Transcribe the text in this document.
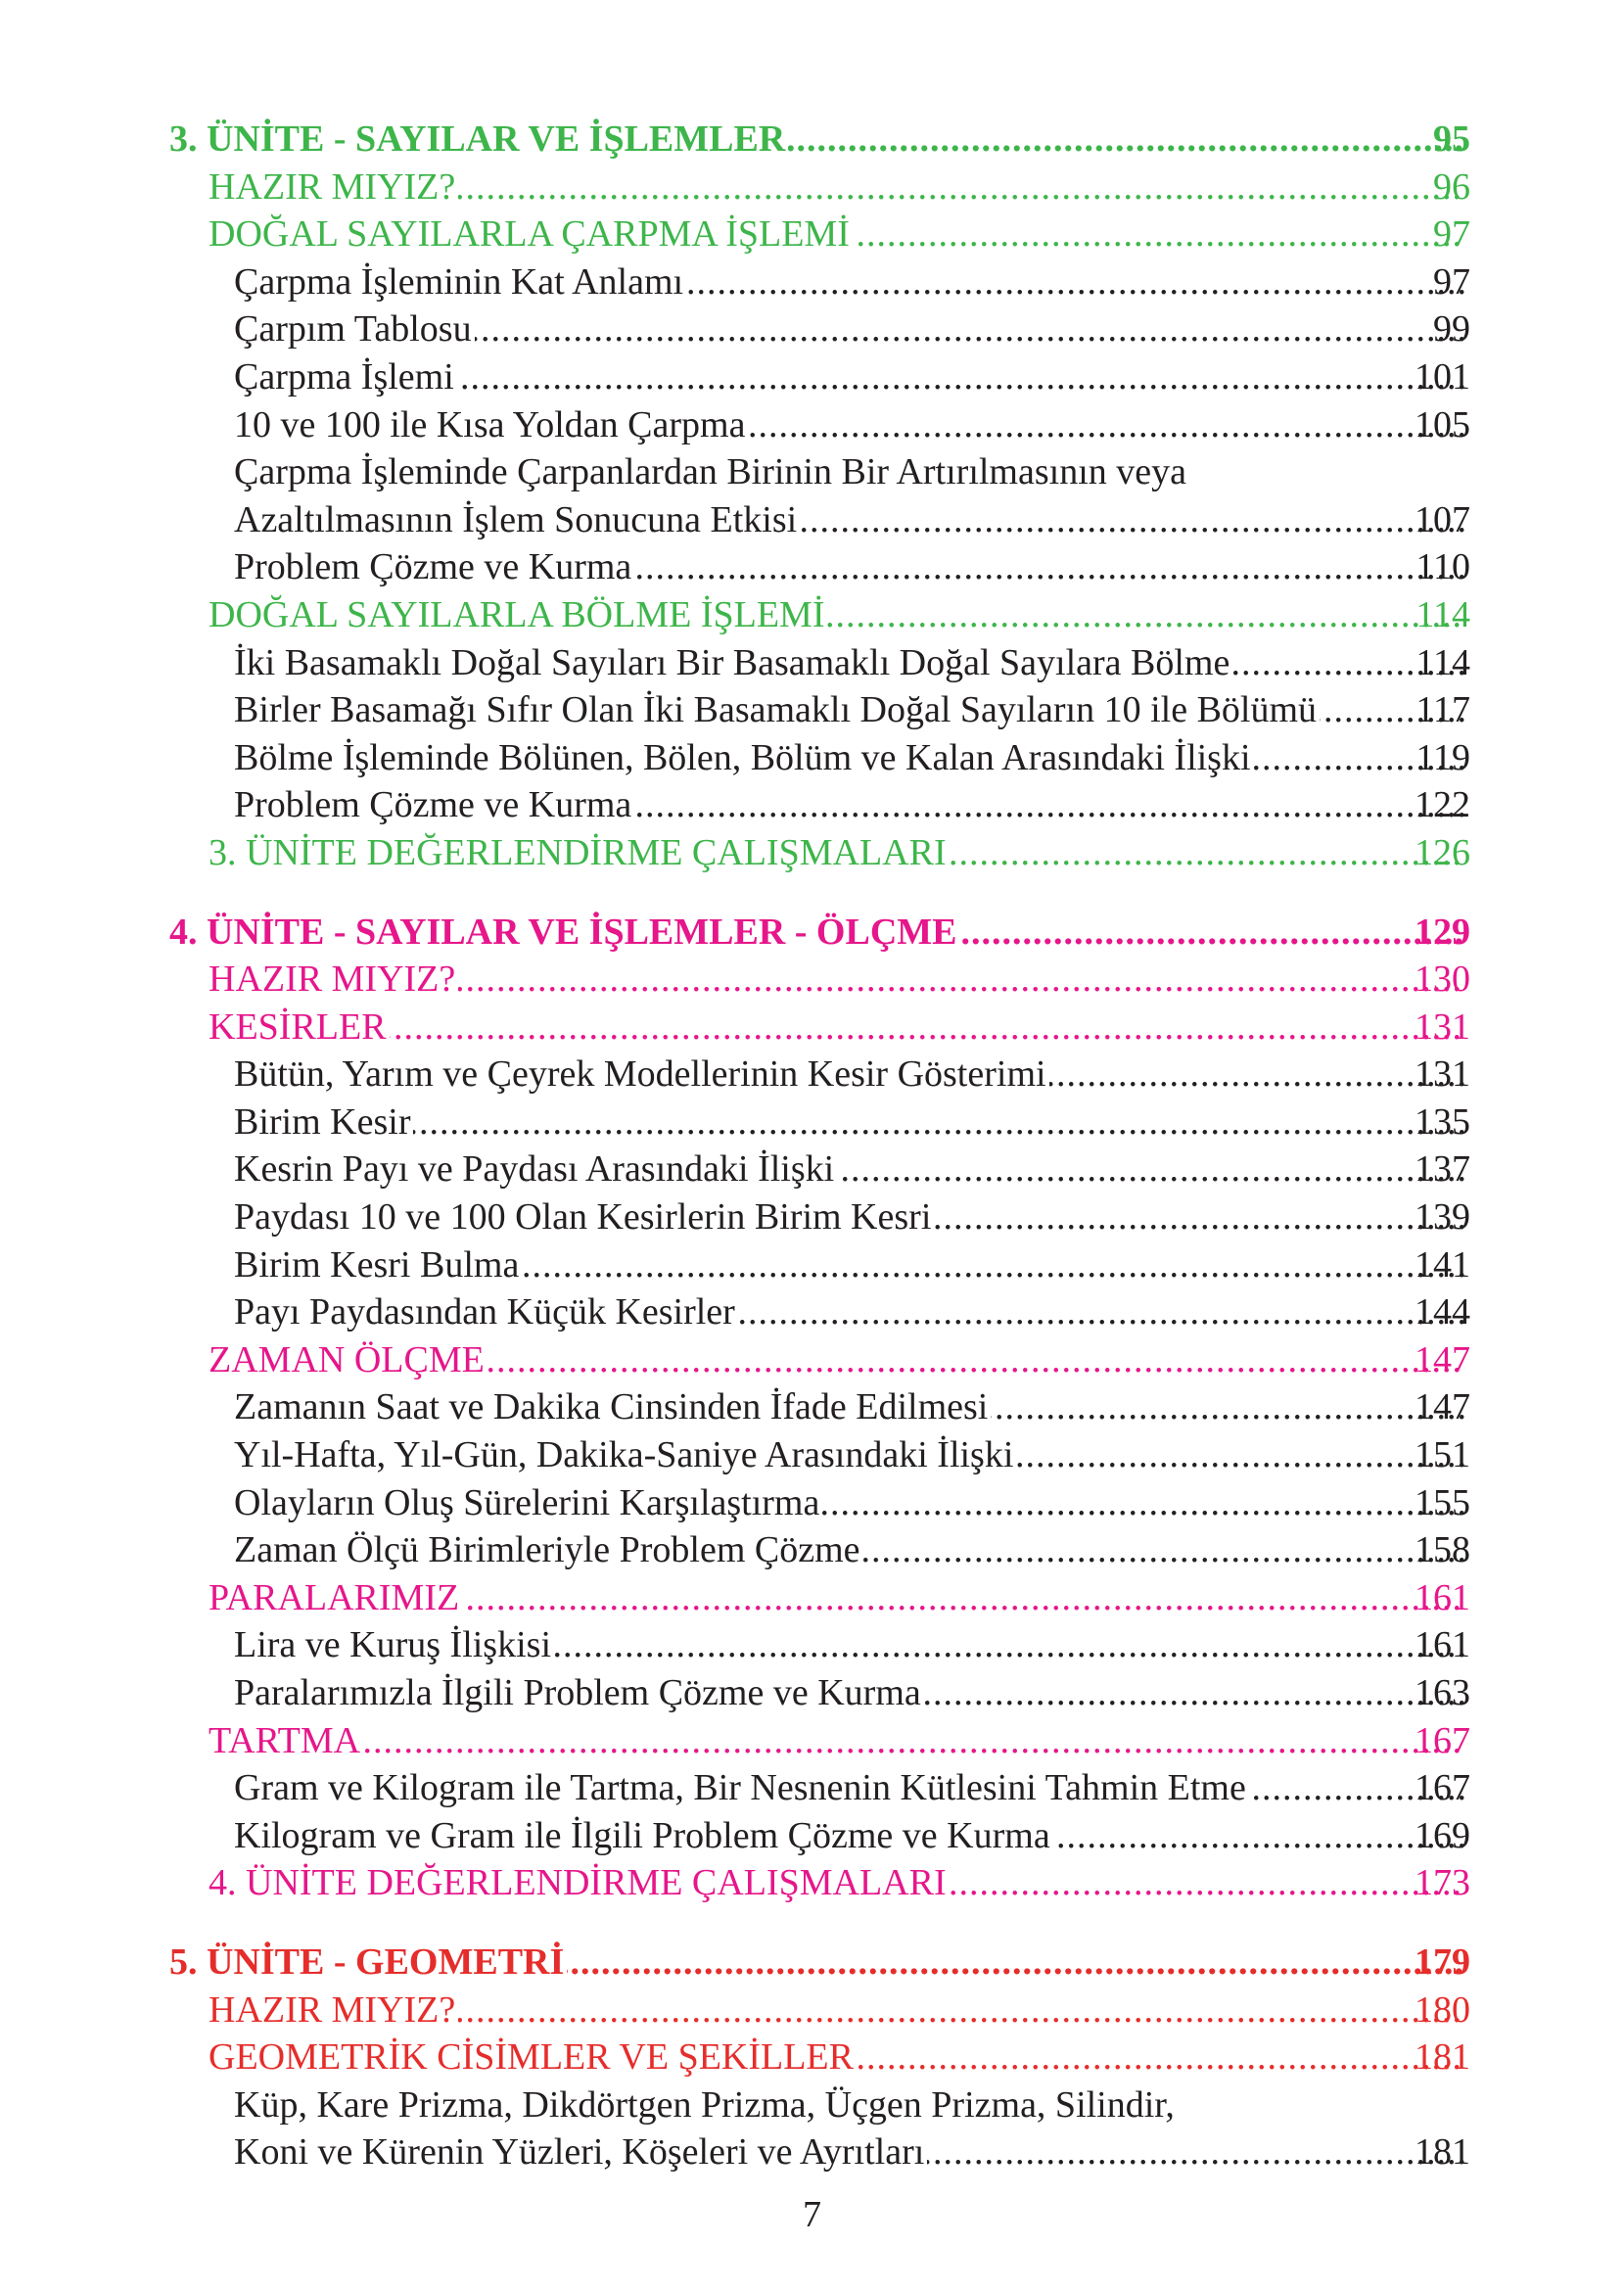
3. ÜNİTE - SAYILAR VE İŞLEMLER .....	95
HAZIR MIYIZ? .....	96
DOĞAL SAYILARLA ÇARPMA İŞLEMİ .....	97
Çarpma İşleminin Kat Anlamı .....	97
Çarpım Tablosu .....	99
Çarpma İşlemi .....	101
10 ve 100 ile Kısa Yoldan Çarpma .....	105
Çarpma İşleminde Çarpanlardan Birinin Bir Artırılmasının veya
Azaltılmasının İşlem Sonucuna Etkisi .....	107
Problem Çözme ve Kurma .....	110
DOĞAL SAYILARLA BÖLME İŞLEMİ .....	114
İki Basamaklı Doğal Sayıları Bir Basamaklı Doğal Sayılara Bölme .....	114
Birler Basamağı Sıfır Olan İki Basamaklı Doğal Sayıların 10 ile Bölümü .....	117
Bölme İşleminde Bölünen, Bölen, Bölüm ve Kalan Arasındaki İlişki .....	119
Problem Çözme ve Kurma .....	122
3. ÜNİTE DEĞERLENDİRME ÇALIŞMALARI .....	126
4. ÜNİTE - SAYILAR VE İŞLEMLER - ÖLÇME .....	129
HAZIR MIYIZ? .....	130
KESİRLER .....	131
Bütün, Yarım ve Çeyrek Modellerinin Kesir Gösterimi .....	131
Birim Kesir .....	135
Kesrin Payı ve Paydası Arasındaki İlişki .....	137
Paydası 10 ve 100 Olan Kesirlerin Birim Kesri .....	139
Birim Kesri Bulma .....	141
Payı Paydasından Küçük Kesirler .....	144
ZAMAN ÖLÇME .....	147
Zamanın Saat ve Dakika Cinsinden İfade Edilmesi .....	147
Yıl-Hafta, Yıl-Gün, Dakika-Saniye Arasındaki İlişki .....	151
Olayların Oluş Sürelerini Karşılaştırma .....	155
Zaman Ölçü Birimleriyle Problem Çözme .....	158
PARALARIMIZ .....	161
Lira ve Kuruş İlişkisi .....	161
Paralarımızla İlgili Problem Çözme ve Kurma .....	163
TARTMA .....	167
Gram ve Kilogram ile Tartma, Bir Nesnenin Kütlesini Tahmin Etme .....	167
Kilogram ve Gram ile İlgili Problem Çözme ve Kurma .....	169
4. ÜNİTE DEĞERLENDİRME ÇALIŞMALARI .....	173
5. ÜNİTE - GEOMETRİ .....	179
HAZIR MIYIZ? .....	180
GEOMETRİK CİSİMLER VE ŞEKİLLER .....	181
Küp, Kare Prizma, Dikdörtgen Prizma, Üçgen Prizma, Silindir,
Koni ve Kürenin Yüzleri, Köşeleri ve Ayrıtları .....	181
7
